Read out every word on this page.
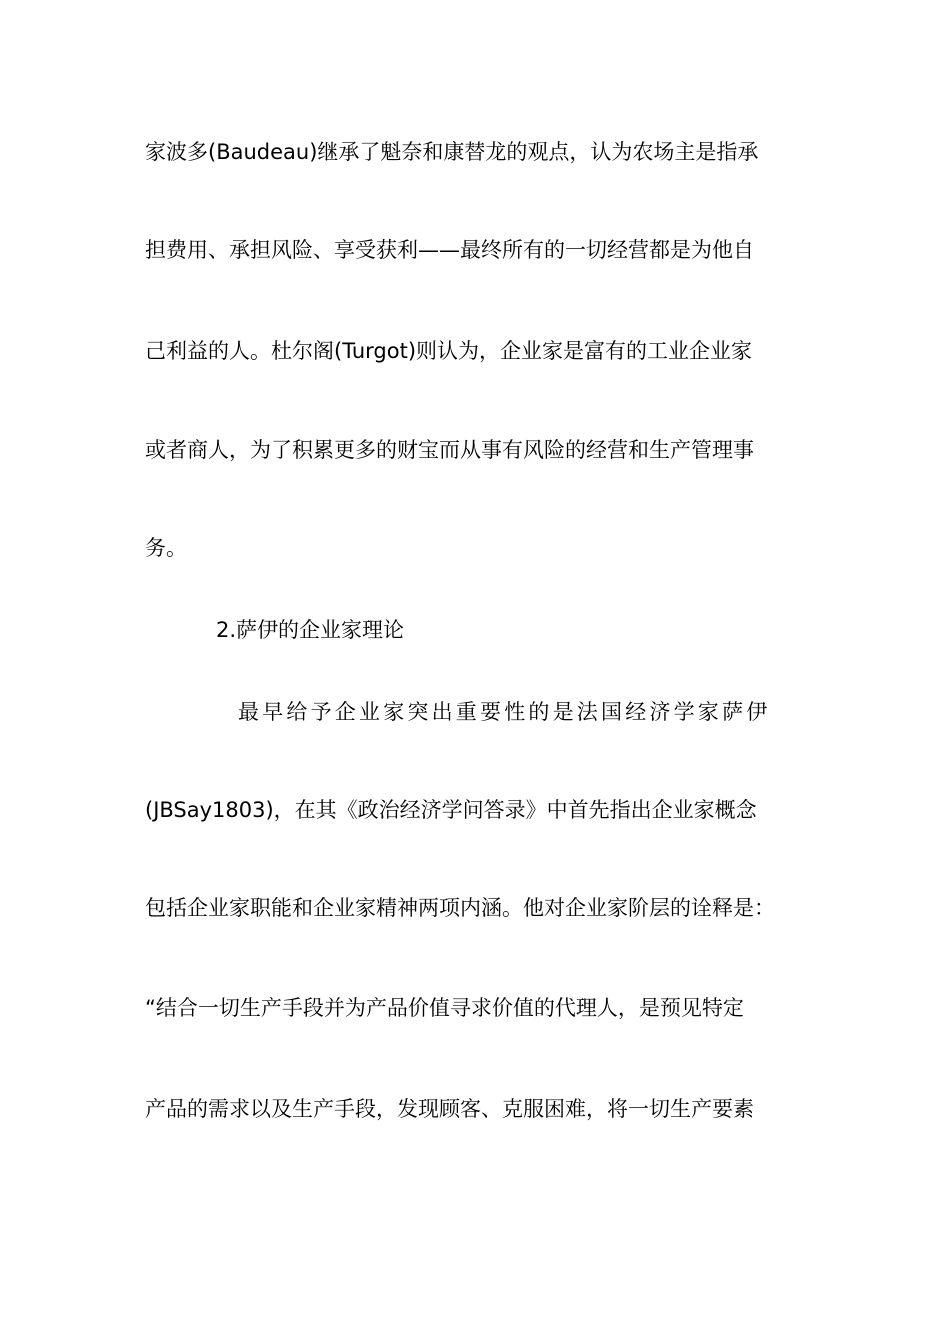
家波多(Baudeau)继承了魁奈和康替龙的观点，认为农场主是指承
担费用、承担风险、享受获利——最终所有的一切经营都是为他自
己利益的人。杜尔阁(Turgot)则认为，企业家是富有的工业企业家
或者商人，为了积累更多的财宝而从事有风险的经营和生产管理事
务。
2.萨伊的企业家理论
最早给予企业家突出重要性的是法国经济学家萨伊
(JBSay1803)，在其《政治经济学问答录》中首先指出企业家概念
包括企业家职能和企业家精神两项内涵。他对企业家阶层的诠释是：
“结合一切生产手段并为产品价值寻求价值的代理人，是预见特定
产品的需求以及生产手段，发现顾客、克服困难，将一切生产要素
